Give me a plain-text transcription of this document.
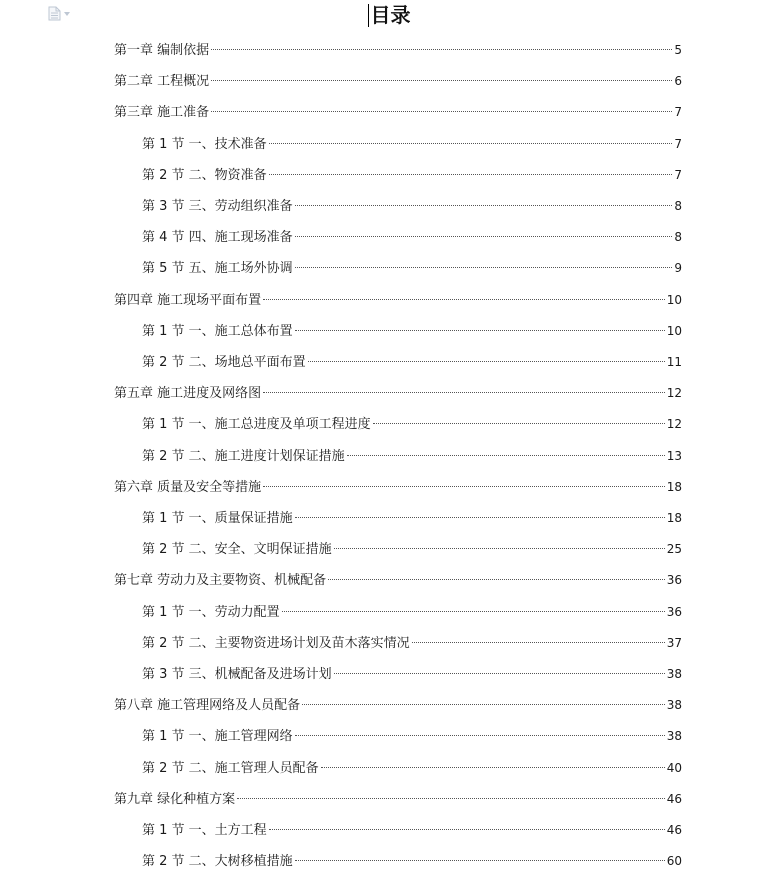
目录
第一章 编制依据	5
第二章 工程概况	6
第三章 施工准备	7
第 1 节 一、技术准备	7
第 2 节 二、物资准备	7
第 3 节 三、劳动组织准备	8
第 4 节 四、施工现场准备	8
第 5 节 五、施工场外协调	9
第四章 施工现场平面布置	10
第 1 节 一、施工总体布置	10
第 2 节 二、场地总平面布置	11
第五章 施工进度及网络图	12
第 1 节 一、施工总进度及单项工程进度	12
第 2 节 二、施工进度计划保证措施	13
第六章 质量及安全等措施	18
第 1 节 一、质量保证措施	18
第 2 节 二、安全、文明保证措施	25
第七章 劳动力及主要物资、机械配备	36
第 1 节 一、劳动力配置	36
第 2 节 二、主要物资进场计划及苗木落实情况	37
第 3 节 三、机械配备及进场计划	38
第八章 施工管理网络及人员配备	38
第 1 节 一、施工管理网络	38
第 2 节 二、施工管理人员配备	40
第九章 绿化种植方案	46
第 1 节 一、土方工程	46
第 2 节 二、大树移植措施	60
